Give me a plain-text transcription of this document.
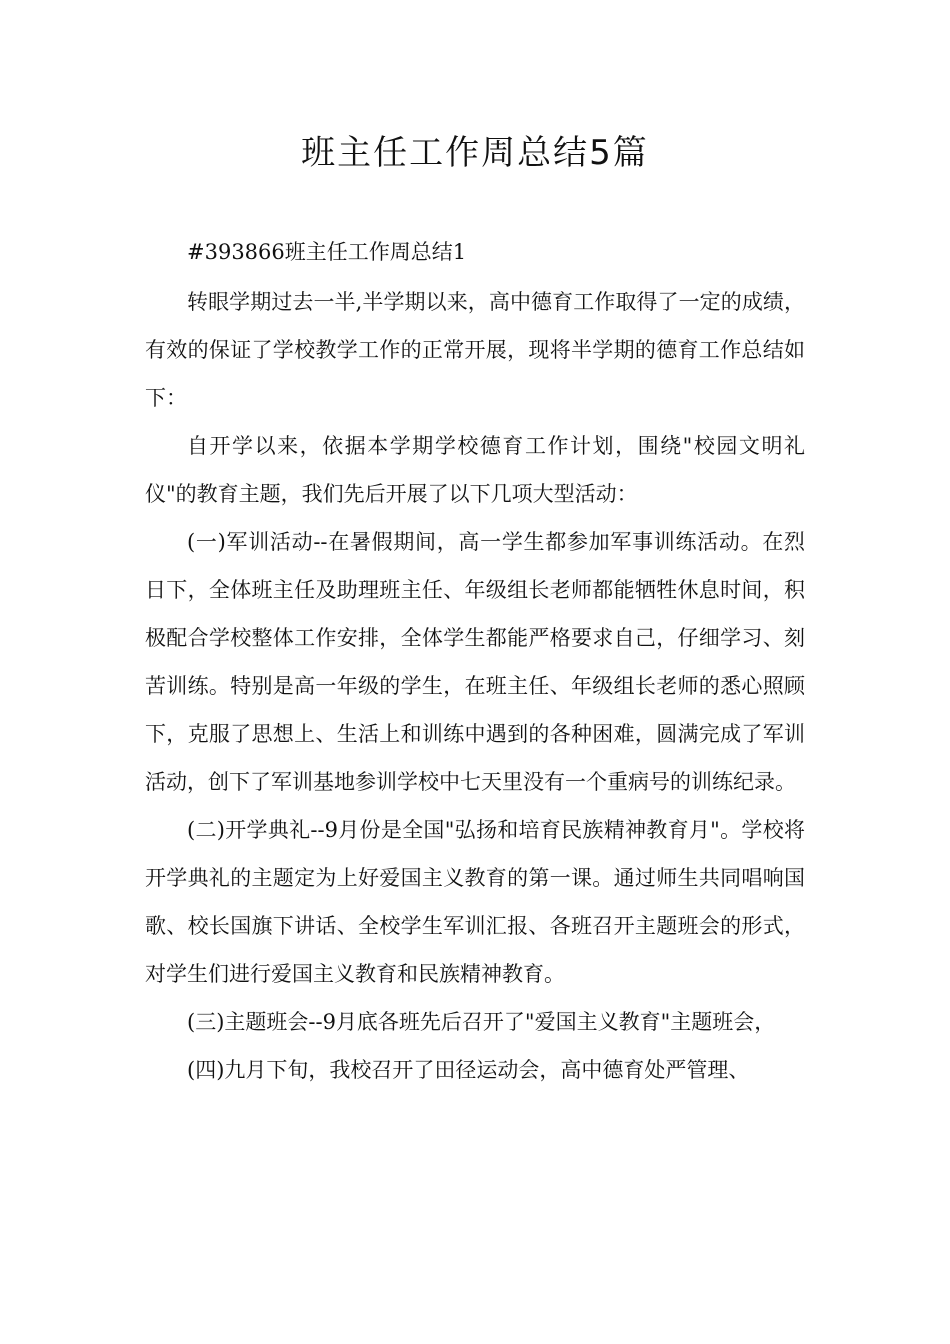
班主任工作周总结5篇

#393866班主任工作周总结1

转眼学期过去一半,半学期以来，高中德育工作取得了一定的成绩，有效的保证了学校教学工作的正常开展，现将半学期的德育工作总结如下：

自开学以来，依据本学期学校德育工作计划，围绕"校园文明礼仪"的教育主题，我们先后开展了以下几项大型活动：

(一)军训活动--在暑假期间，高一学生都参加军事训练活动。在烈日下，全体班主任及助理班主任、年级组长老师都能牺牲休息时间，积极配合学校整体工作安排，全体学生都能严格要求自己，仔细学习、刻苦训练。特别是高一年级的学生，在班主任、年级组长老师的悉心照顾下，克服了思想上、生活上和训练中遇到的各种困难，圆满完成了军训活动，创下了军训基地参训学校中七天里没有一个重病号的训练纪录。

(二)开学典礼--9月份是全国"弘扬和培育民族精神教育月"。学校将开学典礼的主题定为上好爱国主义教育的第一课。通过师生共同唱响国歌、校长国旗下讲话、全校学生军训汇报、各班召开主题班会的形式，对学生们进行爱国主义教育和民族精神教育。

(三)主题班会--9月底各班先后召开了"爱国主义教育"主题班会，

(四)九月下旬，我校召开了田径运动会，高中德育处严管理、
